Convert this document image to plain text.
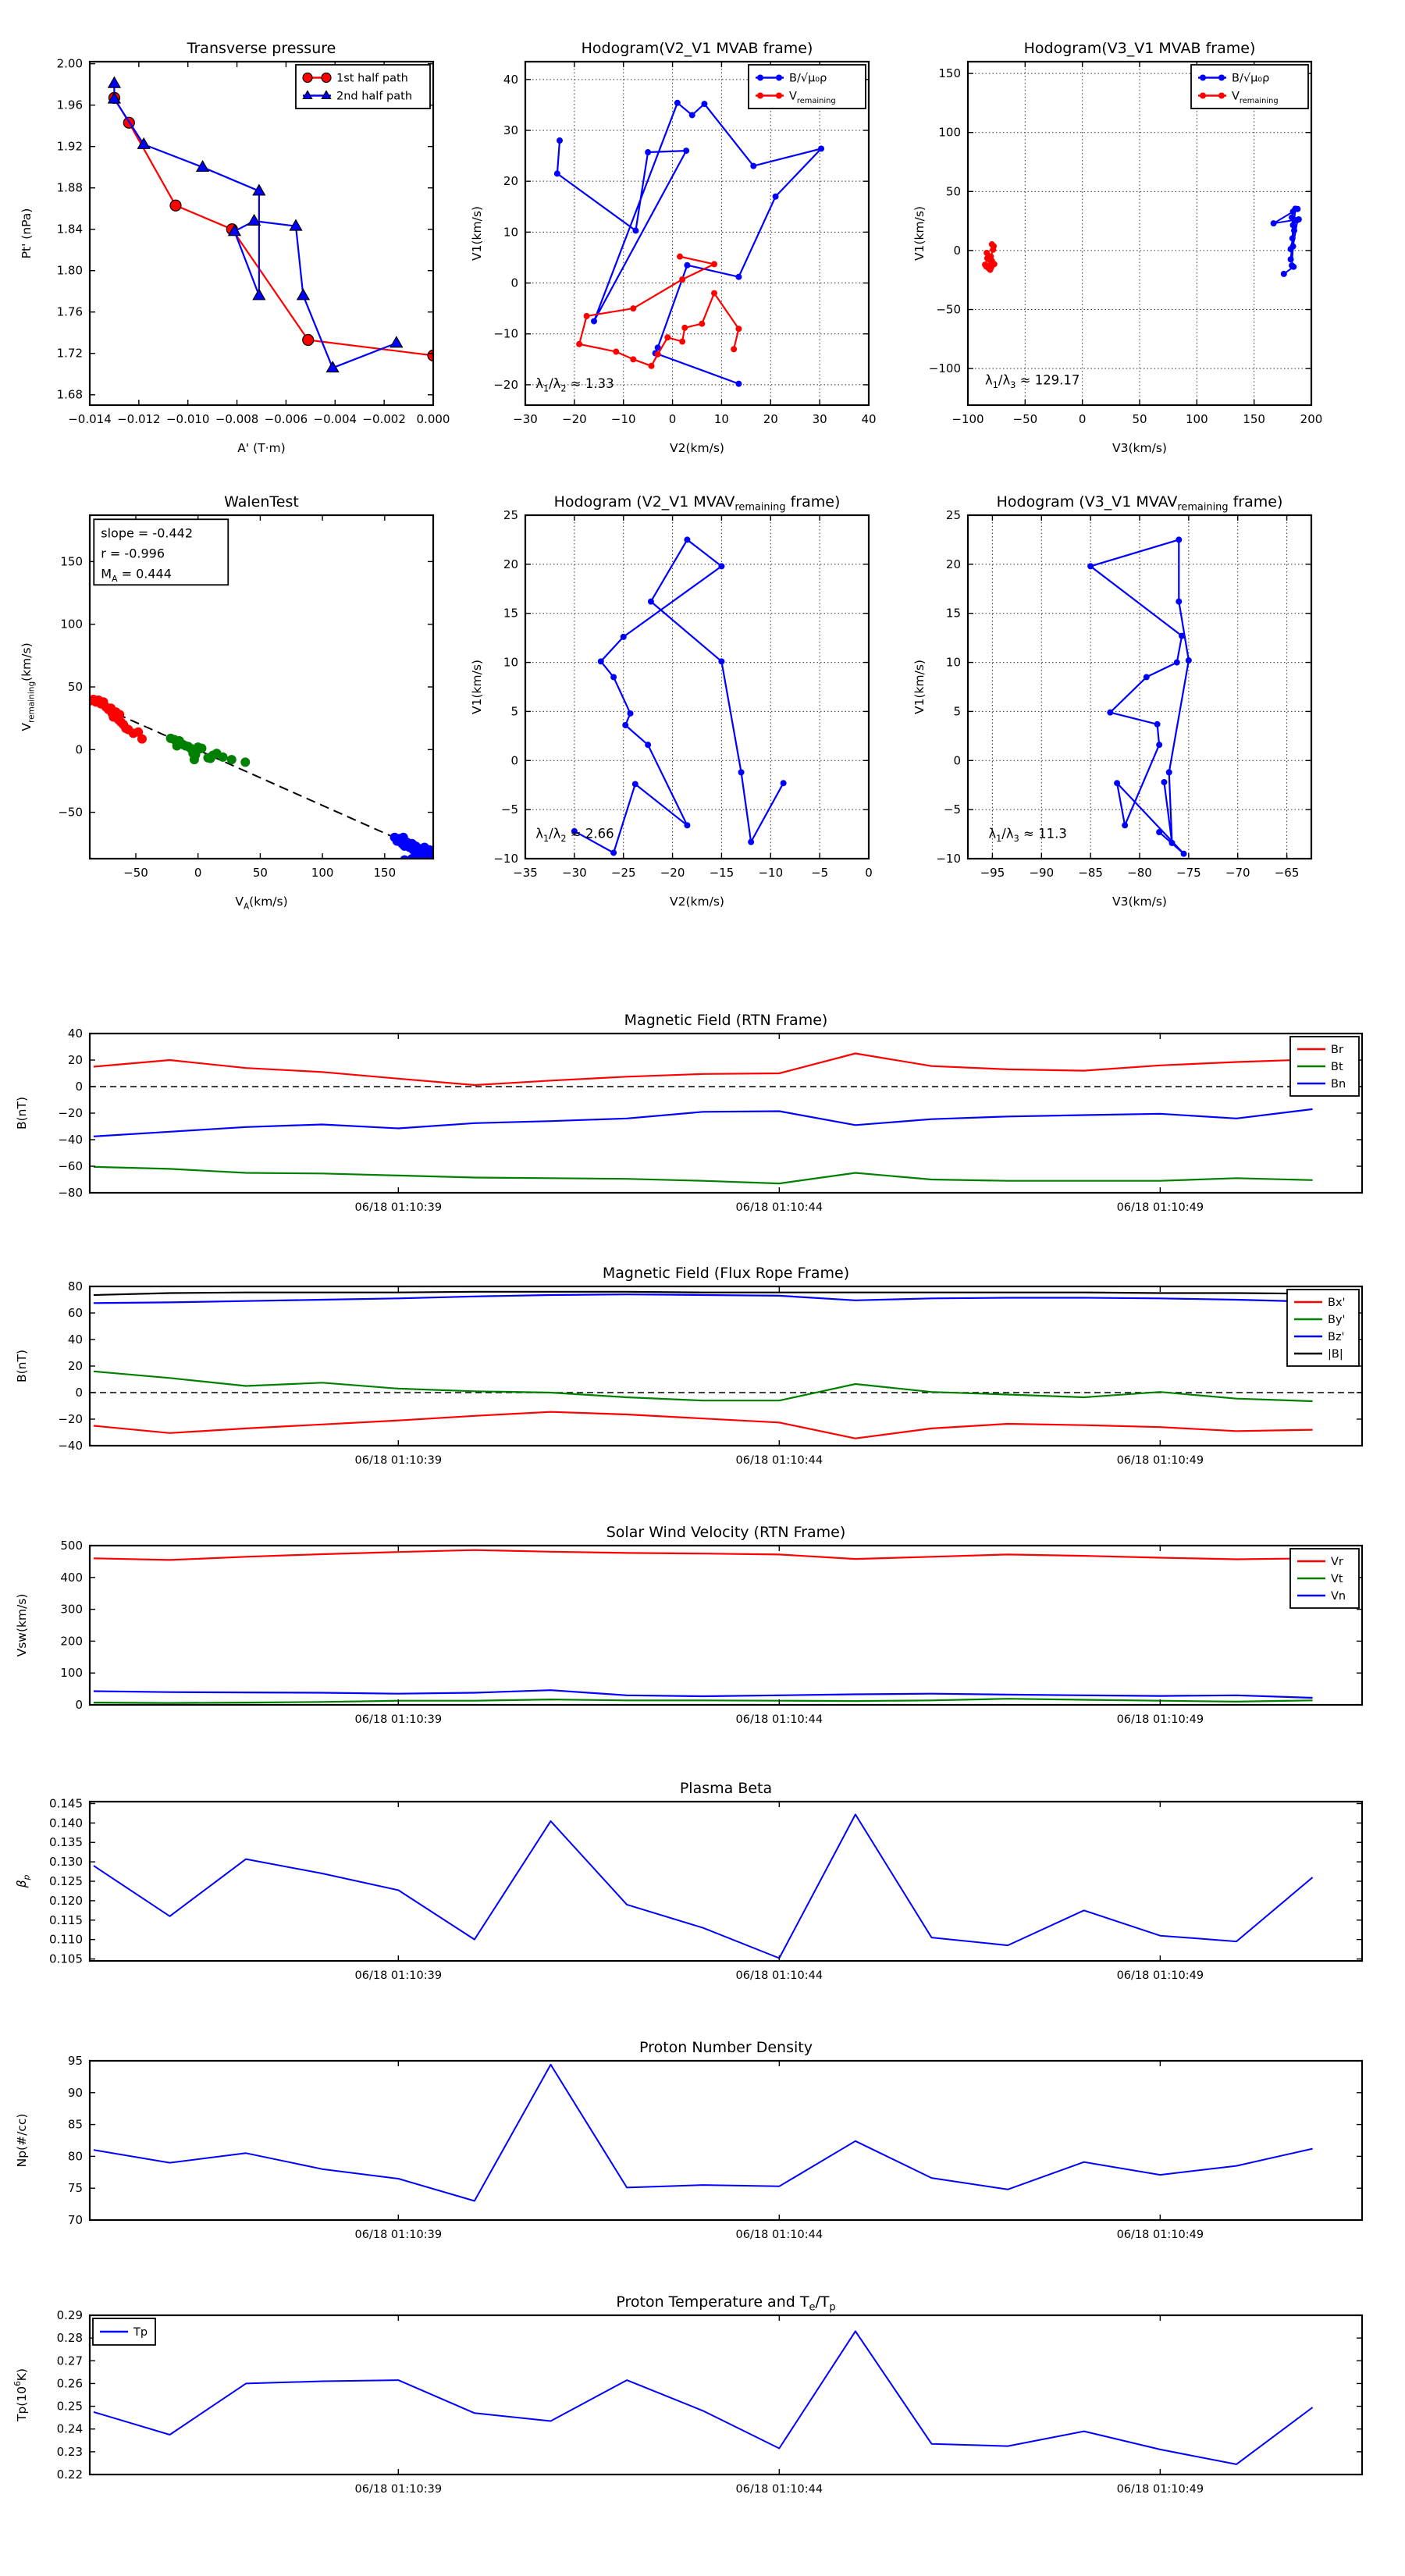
−0.014 −0.012 −0.010 −0.008 −0.006 −0.004 −0.002 0.000
1.68
1.72
1.76
1.80
1.84
1.88
1.92
1.96
2.00
Transverse pressure
A' (T·m)
Pt' (nPa)
1st half path
2nd half path
−30 −20 −10	0	10	20	30	40
−20
−10
0
10
20
30
40
Hodogram(V2_V1 MVAB frame)
V2(km/s)
V1(km/s)
B/√μ₀ρ
$V_{remaining}$
$\lambda_1/\lambda_2 \approx 1.33$
−100 −50	0	50	100	150	200
−100
−50
0
50
100
150
Hodogram(V3_V1 MVAB frame)
V3(km/s)
V1(km/s)
B/√μ₀ρ
$V_{remaining}$
$\lambda_1/\lambda_3 \approx 129.17$
−50	0	50	100	150
−50
0
50
100
150
WalenTest
$V_A(km/s)$
$V_{remaining}(km/s)$
slope = -0.442
r = -0.996
$M_A = 0.444$
−35 −30 −25 −20 −15 −10 −5	0
−10
−5
0
5
10
15
20
25
Hodogram (V2_V1 $MVAV_{remaining}$ frame)
V2(km/s)
V1(km/s)
$\lambda_1/\lambda_2 \approx 2.66$
−95 −90 −85 −80 −75 −70 −65
−10
−5
0
5
10
15
20
25
Hodogram (V3_V1 $MVAV_{remaining}$ frame)
V3(km/s)
V1(km/s)
$\lambda_1/\lambda_3 \approx 11.3$
06/18 01:10:39	06/18 01:10:44	06/18 01:10:49
−80
−60
−40
−20
0
20
40
Magnetic Field (RTN Frame)
B(nT)
Br
Bt
Bn
06/18 01:10:39	06/18 01:10:44	06/18 01:10:49
−40
−20
0
20
40
60
80
Magnetic Field (Flux Rope Frame)
B(nT)
Bx'
By'
Bz'
|B|
06/18 01:10:39	06/18 01:10:44	06/18 01:10:49
0
100
200
300
400
500
Solar Wind Velocity (RTN Frame)
Vsw(km/s)
Vr
Vt
Vn
06/18 01:10:39	06/18 01:10:44	06/18 01:10:49
0.105
0.110
0.115
0.120
0.125
0.130
0.135
0.140
0.145
Plasma Beta
$\beta_p$
06/18 01:10:39	06/18 01:10:44	06/18 01:10:49
70
75
80
85
90
95
Proton Number Density
Np(#/cc)
06/18 01:10:39	06/18 01:10:44	06/18 01:10:49
0.22
0.23
0.24
0.25
0.26
0.27
0.28
0.29
Proton Temperature and $T_e/T_p$
$Tp(10^6K)$
Tp
